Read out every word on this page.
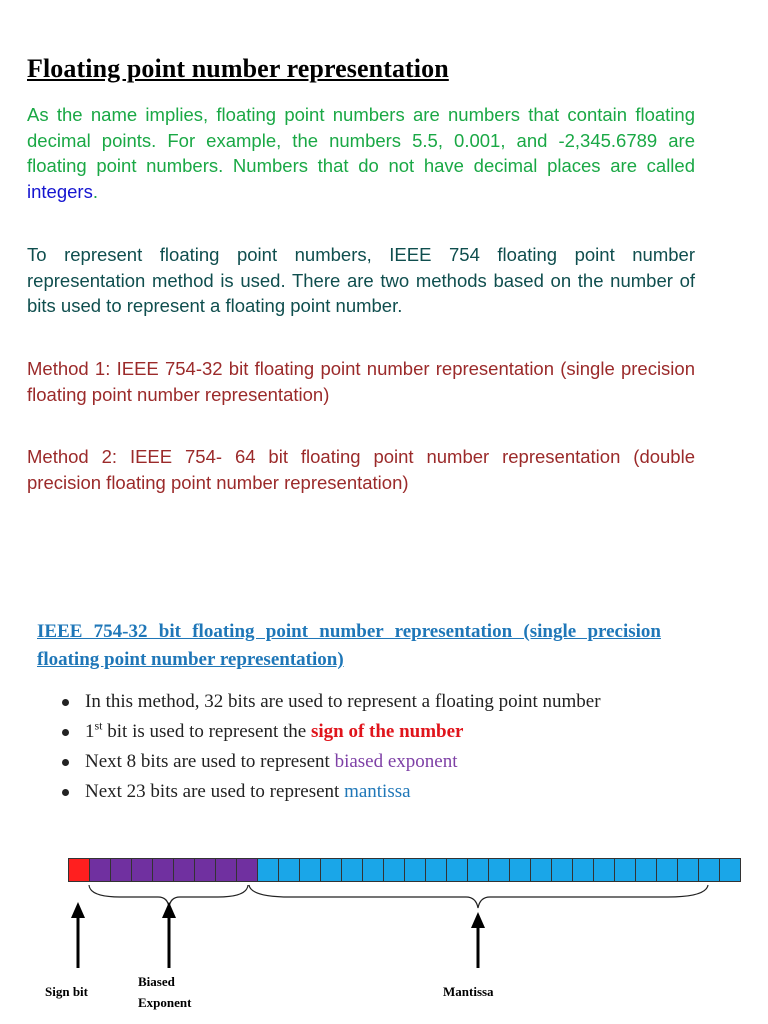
Floating point number representation

As the name implies, floating point numbers are numbers that contain floating decimal points. For example, the numbers 5.5, 0.001, and -2,345.6789 are floating point numbers. Numbers that do not have decimal places are called integers.

To represent floating point numbers, IEEE 754 floating point number representation method is used. There are two methods based on the number of bits used to represent a floating point number.

Method 1: IEEE 754-32 bit floating point number representation (single precision floating point number representation)

Method 2: IEEE 754- 64 bit floating point number representation (double precision floating point number representation)

IEEE 754-32 bit floating point number representation (single precision floating point number representation)

In this method, 32 bits are used to represent a floating point number
1st bit is used to represent the sign of the number
Next 8 bits are used to represent biased exponent
Next 23 bits are used to represent mantissa

Sign bit

Biased

Exponent

Mantissa
